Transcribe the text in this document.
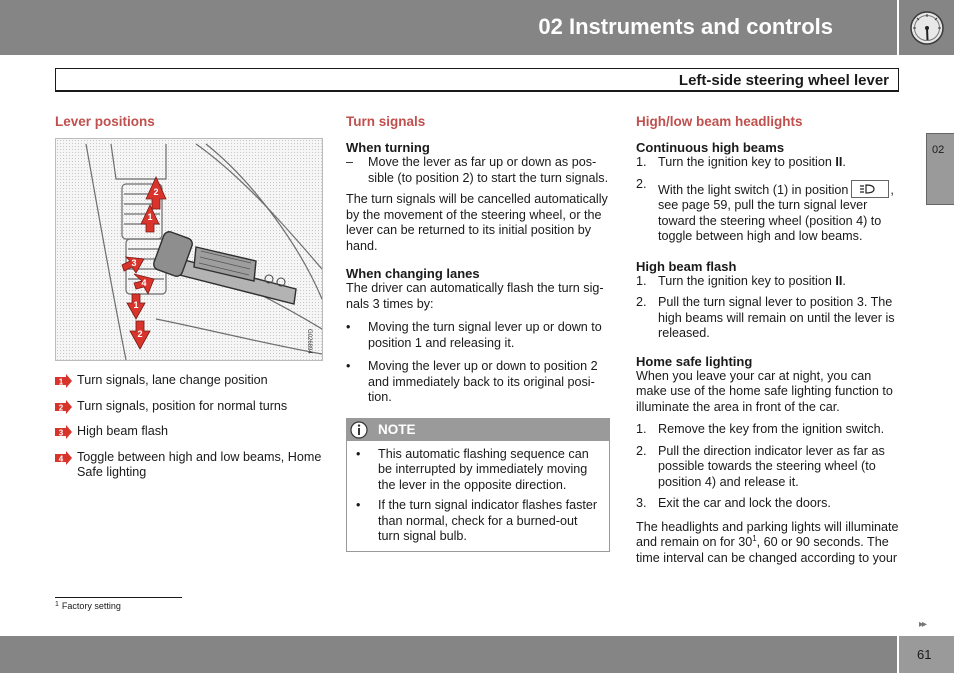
02 Instruments and controls
Left-side steering wheel lever
02
Lever positions
2
1
3
4
1
2	G026894
1 Turn signals, lane change position
2 Turn signals, position for normal turns
3 High beam flash
4 Toggle between high and low beams, Home Safe lighting
Turn signals
When turning
–	Move the lever as far up or down as pos-sible (to position 2) to start the turn signals.

The turn signals will be cancelled automatically by the movement of the steering wheel, or the lever can be returned to its initial position by hand.

When changing lanes

The driver can automatically flash the turn sig-nals 3 times by:

•	Moving the turn signal lever up or down to position 1 and releasing it.
•	Moving the lever up or down to position 2 and immediately back to its original posi-tion.
NOTE
•	This automatic flashing sequence can be interrupted by immediately moving the lever in the opposite direction.
•	If the turn signal indicator flashes faster than normal, check for a burned-out turn signal bulb.
High/low beam headlights
Continuous high beams
1. Turn the ignition key to position II.
2. With the light switch (1) in position	, see page 59, pull the turn signal lever toward the steering wheel (position 4) to toggle between high and low beams.
High beam flash
1. Turn the ignition key to position II.
2. Pull the turn signal lever to position 3. The high beams will remain on until the lever is released.
Home safe lighting

When you leave your car at night, you can make use of the home safe lighting function to illuminate the area in front of the car.

1. Remove the key from the ignition switch.
2. Pull the direction indicator lever as far as possible towards the steering wheel (to position 4) and release it.
3. Exit the car and lock the doors.

The headlights and parking lights will illuminate and remain on for $30^1$, 60 or 90 seconds. The time interval can be changed according to your

$^1$ Factory setting
▸▸
61
